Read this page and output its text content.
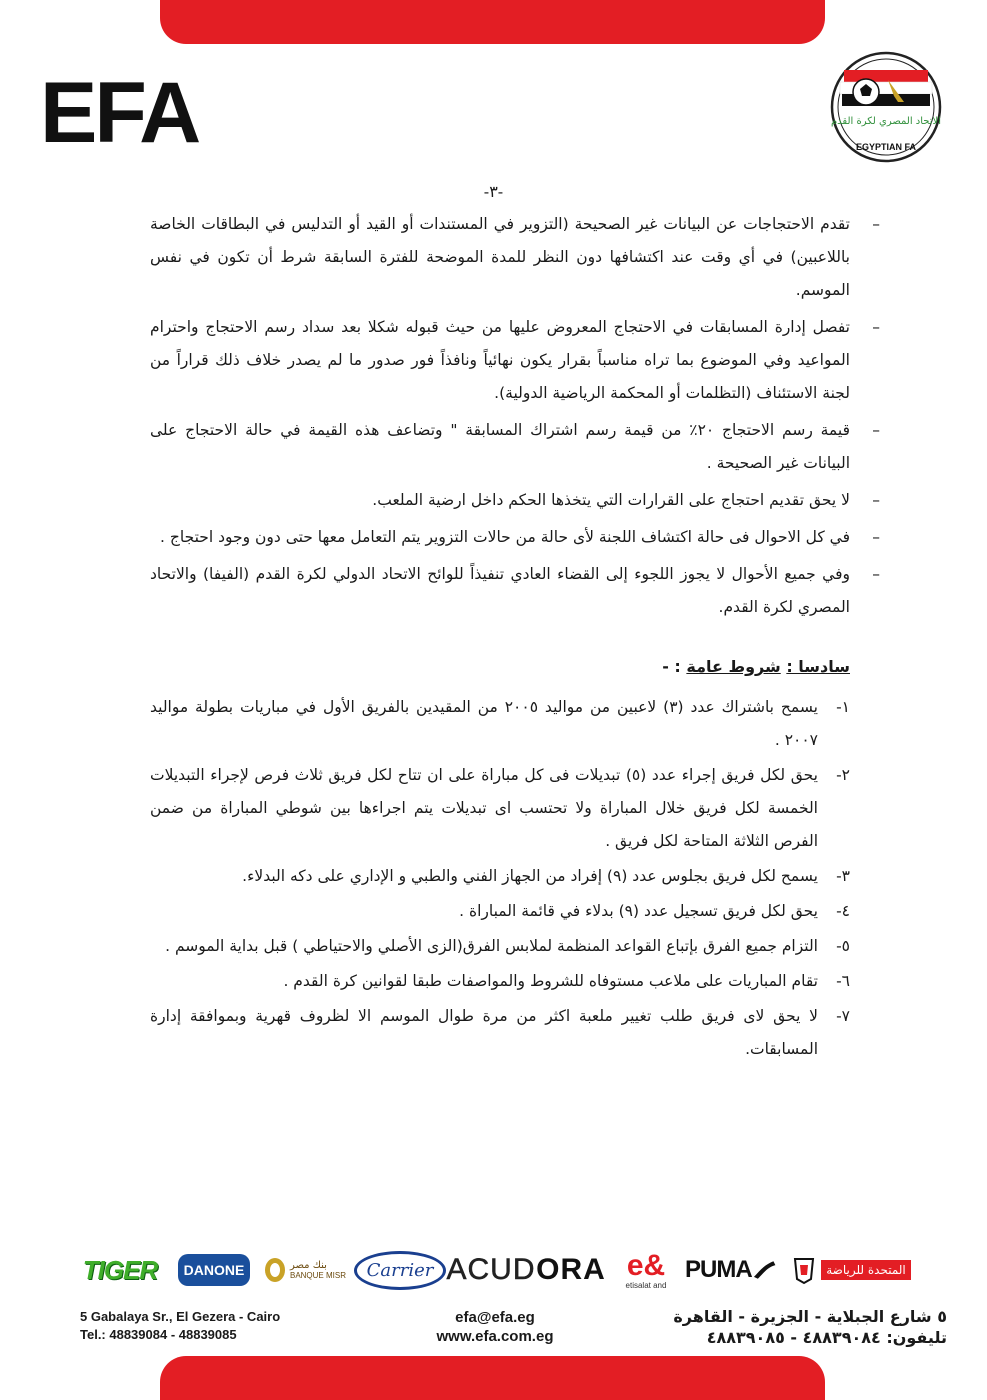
EFA	الاتحاد المصري لكرة القدم
EGYPTIAN FA
-٣-
– تقدم الاحتجاجات عن البيانات غير الصحيحة (التزوير في المستندات أو القيد أو التدليس في البطاقات الخاصة باللاعبين) في أي وقت عند اكتشافها دون النظر للمدة الموضحة للفترة السابقة شرط أن تكون في نفس الموسم.
– تفصل إدارة المسابقات في الاحتجاج المعروض عليها من حيث قبوله شكلا بعد سداد رسم الاحتجاج واحترام المواعيد وفي الموضوع بما تراه مناسباً بقرار يكون نهائياً ونافذاً فور صدور ما لم يصدر خلاف ذلك قراراً من لجنة الاستئناف (التظلمات أو المحكمة الرياضية الدولية).
– قيمة رسم الاحتجاج ٢٠٪ من قيمة رسم اشتراك المسابقة " وتضاعف هذه القيمة في حالة الاحتجاج على البيانات غير الصحيحة .
– لا يحق تقديم احتجاج على القرارات التي يتخذها الحكم داخل ارضية الملعب.
– في كل الاحوال فى حالة اكتشاف اللجنة لأى حالة من حالات التزوير يتم التعامل معها حتى دون وجود احتجاج .
– وفي جميع الأحوال لا يجوز اللجوء إلى القضاء العادي تنفيذاً للوائح الاتحاد الدولي لكرة القدم (الفيفا) والاتحاد المصري لكرة القدم.
سادسا : شروط عامة : -
١-
يسمح باشتراك عدد (٣) لاعبين من مواليد ٢٠٠٥ من المقيدين بالفريق الأول في مباريات بطولة مواليد ٢٠٠٧ .
٢-
يحق لكل فريق إجراء عدد (٥) تبديلات فى كل مباراة على ان تتاح لكل فريق ثلاث فرص لإجراء التبديلات الخمسة لكل فريق خلال المباراة ولا تحتسب اى تبديلات يتم اجراءها بين شوطي المباراة من ضمن الفرص الثلاثة المتاحة لكل فريق .
٣-
يسمح لكل فريق بجلوس عدد (٩) إفراد من الجهاز الفني والطبي و الإداري على دكه البدلاء.
٤-
يحق لكل فريق تسجيل عدد (٩) بدلاء في قائمة المباراة .
٥-
التزام جميع الفرق بإتباع القواعد المنظمة لملابس الفرق(الزى الأصلي والاحتياطي ) قبل بداية الموسم .
٦-
تقام المباريات على ملاعب مستوفاه للشروط والمواصفات طبقا لقوانين كرة القدم .
٧-
لا يحق لاى فريق طلب تغيير ملعبة اكثر من مرة طوال الموسم الا لظروف قهرية وبموافقة إدارة المسابقات.
TIGER	DANONE	بنك مصر
BANQUE MISR	Carrier ACUD ORA e&
etisalat and
PUMA	المتحدة للرياضة
5 Gabalaya Sr., El Gezera - Cairo
Tel.: 48839084 - 48839085
efa@efa.eg
www.efa.com.eg
٥ شارع الجبلاية - الجزيرة - القاهرة
تليفون: ٤٨٨٣٩٠٨٤ - ٤٨٨٣٩٠٨٥
